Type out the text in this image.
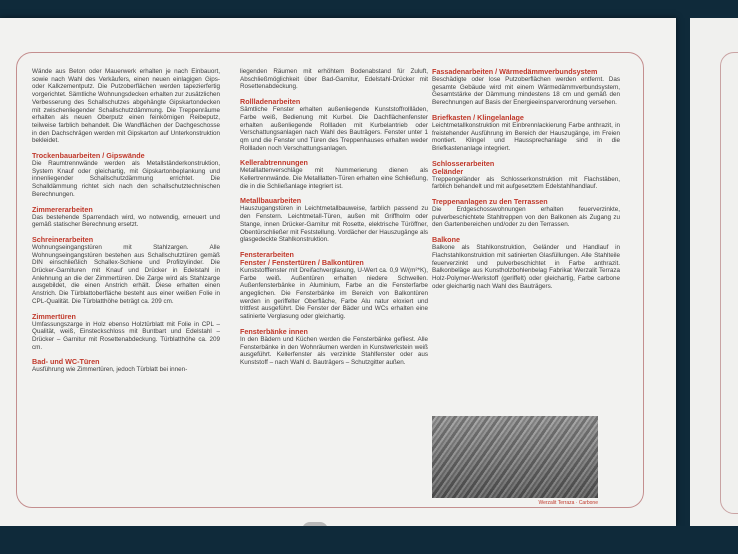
Wände aus Beton oder Mauerwerk erhalten je nach Einbauort, sowie nach Wahl des Verkäufers, einen neuen einlagigen Gips- oder Kalkzementputz. Die Putzoberflächen werden tapezierfertig vorgerichtet. Sämtliche Wohnungsdecken erhalten zur zusätzlichen Verbesserung des Schallschutzes abgehängte Gipskartondecken mit zwischenliegender Schallschutzdämmung. Die Treppenräume erhalten als neuen Oberputz einen feinkörnigen Reibeputz, teilweise farblich behandelt. Die Wandflächen der Dachgeschosse in den Dachschrägen werden mit Gipskarton auf Unterkonstruktion bekleidet.

Trockenbauarbeiten / Gipswände

Die Raumtrennwände werden als Metallständerkonstruktion, System Knauf oder gleichartig, mit Gipskartonbeplankung und innenliegender Schallschutzdämmung errichtet. Die Schalldämmung richtet sich nach den schallschutztechnischen Berechnungen.

Zimmererarbeiten

Das bestehende Sparrendach wird, wo notwendig, erneuert und gemäß statischer Berechnung ersetzt.

Schreinerarbeiten

Wohnungseingangstüren mit Stahlzargen. Alle Wohnungseingangstüren bestehen aus Schallschutztüren gemäß DIN einschließlich Schallex-Schiene und Profilzylinder. Die Drücker-Garnituren mit Knauf und Drücker in Edelstahl in Anlehnung an die der Zimmertüren. Die Zarge wird als Stahlzarge ausgebildet, die einen Anstrich erhält. Diese erhalten einen Anstrich. Die Türblattoberfläche besteht aus einer weißen Folie in CPL-Qualität. Die Türblatthöhe beträgt ca. 209 cm.

Zimmertüren

Umfassungszarge in Holz ebenso Holztürblatt mit Folie in CPL – Qualität, weiß, Einsteckschloss mit Buntbart und Edelstahl – Drücker – Garnitur mit Rosettenabdeckung. Türblatthöhe ca. 209 cm.

Bad- und WC-Türen

Ausführung wie Zimmertüren, jedoch Türblatt bei innen-

liegenden Räumen mit erhöhtem Bodenabstand für Zuluft, Abschließmöglichkeit über Bad-Garnitur, Edelstahl-Drücker mit Rosettenabdeckung.

Rollladenarbeiten

Sämtliche Fenster erhalten außenliegende Kunststoffrollläden, Farbe weiß, Bedienung mit Kurbel. Die Dachflächenfenster erhalten außenliegende Rollladen mit Kurbelantrieb oder Verschattungsanlagen nach Wahl des Bauträgers. Fenster unter 1 qm und die Fenster und Türen des Treppenhauses erhalten weder Rollladen noch Verschattungsanlagen.

Kellerabtrennungen

Metalllattenverschläge mit Nummerierung dienen als Kellertrennwände. Die Metalllatten-Türen erhalten eine Schließung, die in die Schließanlage integriert ist.

Metallbauarbeiten

Hauszugangstüren in Leichtmetallbauweise, farblich passend zu den Fenstern. Leichtmetall-Türen, außen mit Griffholm oder Stange, innen Drücker-Garnitur mit Rosette, elektrische Türöffner, Obentürschließer mit Feststellung. Vordächer der Hauszugänge als glasgedeckte Stahlkonstruktion.

Fensterarbeiten
Fenster / Fenstertüren / Balkontüren

Kunststofffenster mit Dreifachverglasung, U-Wert ca. 0,9 W/(m²*K), Farbe weiß. Außentüren erhalten niedere Schwellen. Außenfensterbänke in Aluminium, Farbe an die Fensterfarbe angeglichen. Die Fensterbänke im Bereich von Balkontüren werden in geriffelter Oberfläche, Farbe Alu natur eloxiert und trittfest ausgeführt. Die Fenster der Bäder und WCs erhalten eine satinierte Verglasung oder gleichartig.

Fensterbänke innen

In den Bädern und Küchen werden die Fensterbänke gefliest. Alle Fensterbänke in den Wohnräumen werden in Kunstwerkstein weiß ausgeführt. Kellerfenster als verzinkte Stahlfenster oder aus Kunststoff – nach Wahl d. Bauträgers – Schutzgitter außen.

Fassadenarbeiten / Wärmedämmverbundsystem

Beschädigte oder lose Putzoberflächen werden entfernt. Das gesamte Gebäude wird mit einem Wärmedämmverbundsystem, Gesamtstärke der Dämmung mindestens 18 cm und gemäß den Berechnungen auf Basis der Energieeinsparverordnung versehen.

Briefkasten / Klingelanlage

Leichtmetallkonstruktion mit Einbrennlackierung Farbe anthrazit, in freistehender Ausführung im Bereich der Hauszugänge, im Freien montiert. Klingel und Haussprechanlage sind in die Briefkastenanlage integriert.

Schlosserarbeiten
Geländer

Treppengeländer als Schlosserkonstruktion mit Flachstäben, farblich behandelt und mit aufgesetztem Edelstahlhandlauf.

Treppenanlagen zu den Terrassen

Die Erdgeschosswohnungen erhalten feuerverzinkte, pulverbeschichtete Stahltreppen von den Balkonen als Zugang zu den Gartenbereichen und/oder zu den Terrassen.

Balkone

Balkone als Stahlkonstruktion, Geländer und Handlauf in Flachstahlkonstruktion mit satinierten Glasfüllungen. Alle Stahlteile feuerverzinkt und pulverbeschichtet in Farbe anthrazit. Balkonbeläge aus Kunstholzbohlenbelag Fabrikat Werzalit Terraza Holz-Polymer-Werkstoff (geriffelt) oder gleichartig, Farbe carbone oder gleichartig nach Wahl des Bauträgers.

Werzalit Terraza · Carbone
